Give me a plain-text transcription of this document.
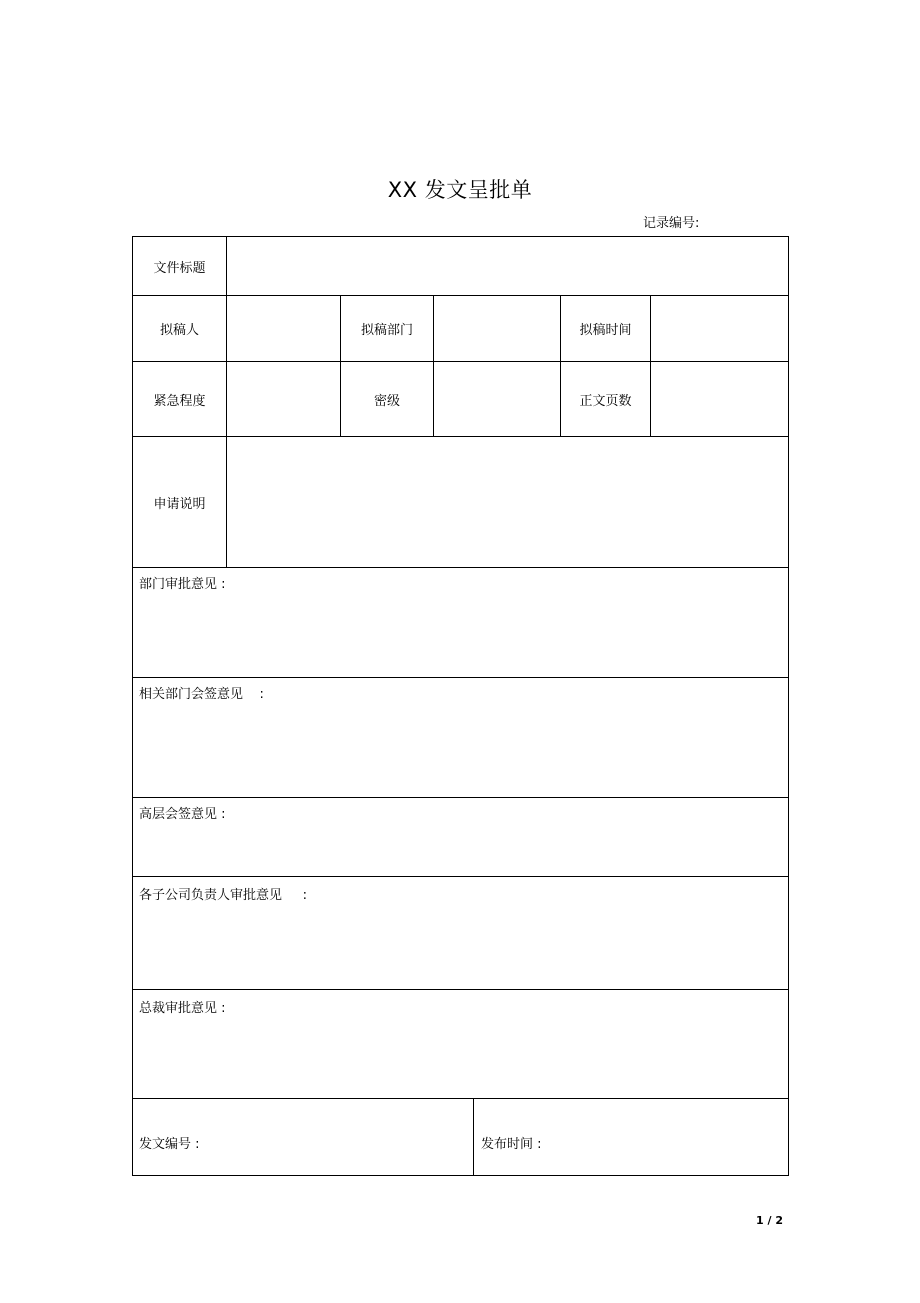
XX 发文呈批单
记录编号:
文件标题
拟稿人	拟稿部门	拟稿时间
紧急程度	密级	正文页数
申请说明
部门审批意见 :
相关部门会签意见    :
高层会签意见 :
各子公司负责人审批意见     :
总裁审批意见 :
发文编号 :	发布时间 :
1 / 2
